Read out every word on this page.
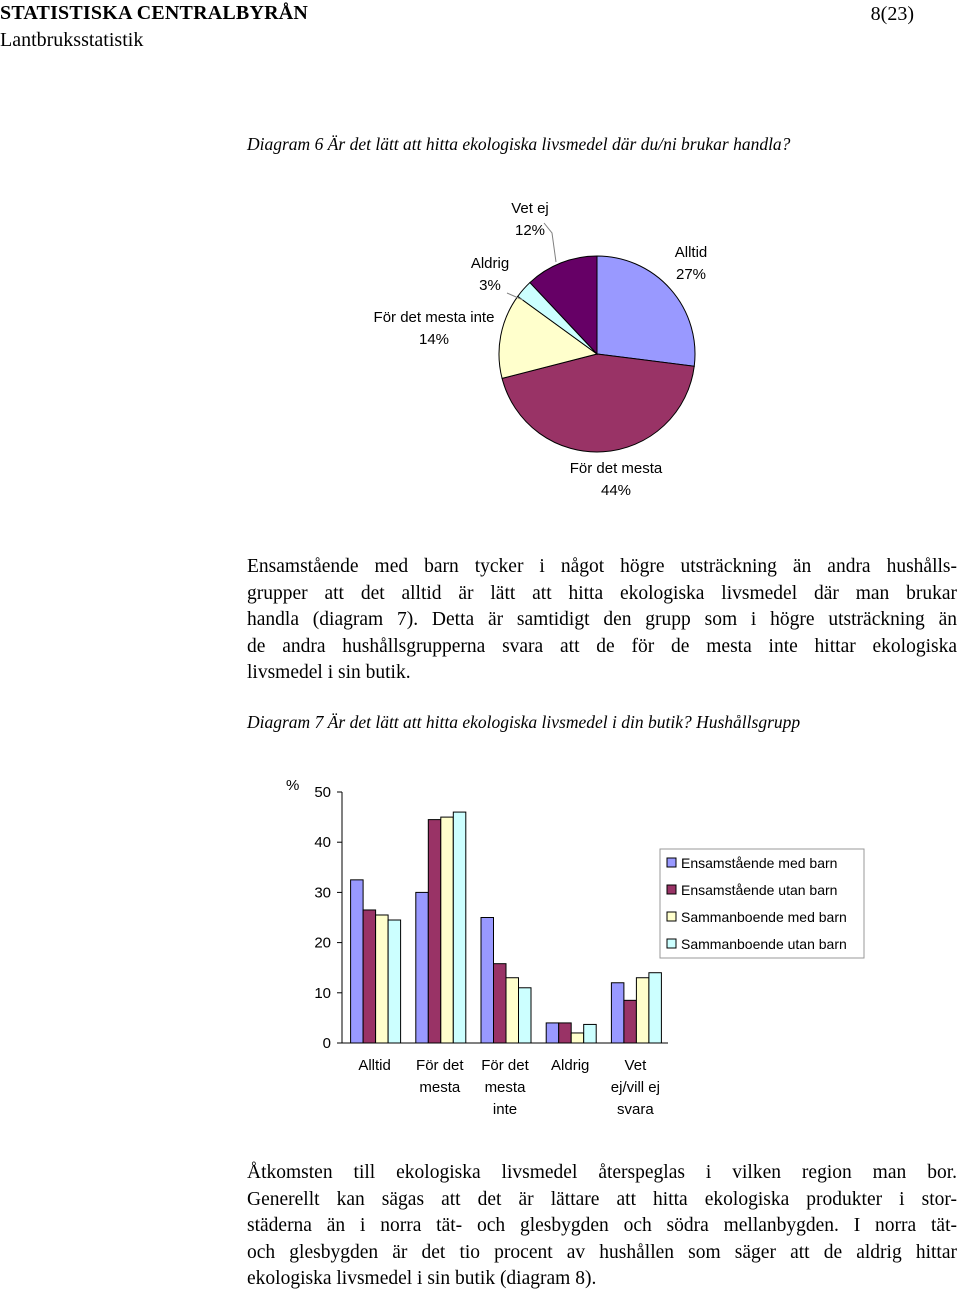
STATISTISKA CENTRALBYRÅN	8(23)
Lantbruksstatistik
Diagram 6 Är det lätt att hitta ekologiska livsmedel där du/ni brukar handla?
Alltid
27%
För det mesta
44%
För det mesta inte
14%
Aldrig
3%
Vet ej
12%
Ensamstående med barn tycker i något högre utsträckning än andra hushålls-
grupper att det alltid är lätt att hitta ekologiska livsmedel där man brukar
handla (diagram 7). Detta är samtidigt den grupp som i högre utsträckning än
de andra hushållsgrupperna svara att de för de mesta inte hittar ekologiska
livsmedel i sin butik.
Diagram 7 Är det lätt att hitta ekologiska livsmedel i din butik? Hushållsgrupp
0
10
20
30
40
50
%
Alltid För det
mesta
För det
mesta
inte
Aldrig Vet
ej/vill ej
svara
Ensamstående med barn
Ensamstående utan barn
Sammanboende med barn
Sammanboende utan barn
Åtkomsten till ekologiska livsmedel återspeglas i vilken region man bor.
Generellt kan sägas att det är lättare att hitta ekologiska produkter i stor-
städerna än i norra tät- och glesbygden och södra mellanbygden. I norra tät-
och glesbygden är det tio procent av hushållen som säger att de aldrig hittar
ekologiska livsmedel i sin butik (diagram 8).
